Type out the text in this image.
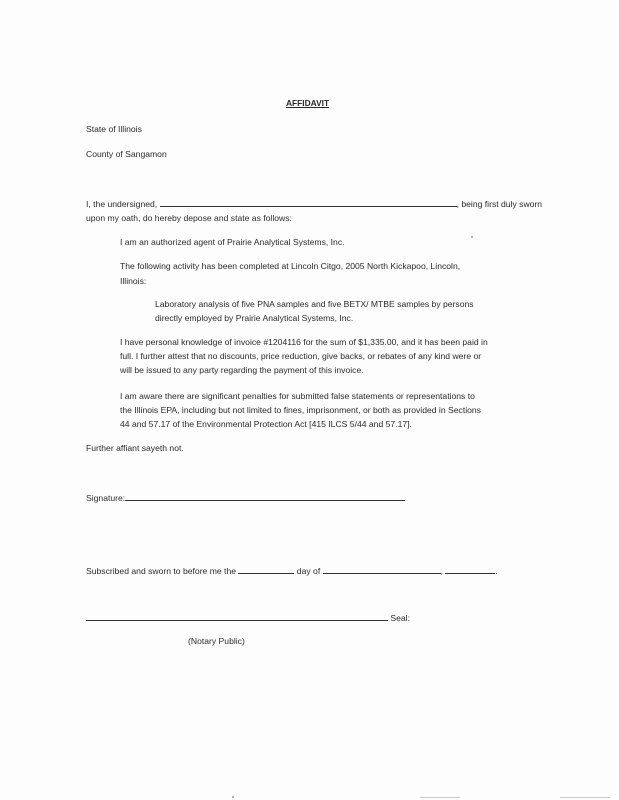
AFFIDAVIT
State of Illinois
County of Sangamon
I, the undersigned,	, being first duly sworn
upon my oath, do hereby depose and state as follows:
I am an authorized agent of Prairie Analytical Systems, Inc.
The following activity has been completed at Lincoln Citgo, 2005 North Kickapoo, Lincoln,
Illinois:
Laboratory analysis of five PNA samples and five BETX/ MTBE samples by persons
directly employed by Prairie Analytical Systems, Inc.
I have personal knowledge of invoice #1204116 for the sum of $1,335.00, and it has been paid in
full. I further attest that no discounts, price reduction, give backs, or rebates of any kind were or
will be issued to any party regarding the payment of this invoice.
I am aware there are significant penalties for submitted false statements or representations to
the Illinois EPA, including but not limited to fines, imprisonment, or both as provided in Sections
44 and 57.17 of the Environmental Protection Act [415 ILCS 5/44 and 57.17].
Further affiant sayeth not.
Signature:
Subscribed and sworn to before me the	day of	,	.
Seal:
(Notary Public)
